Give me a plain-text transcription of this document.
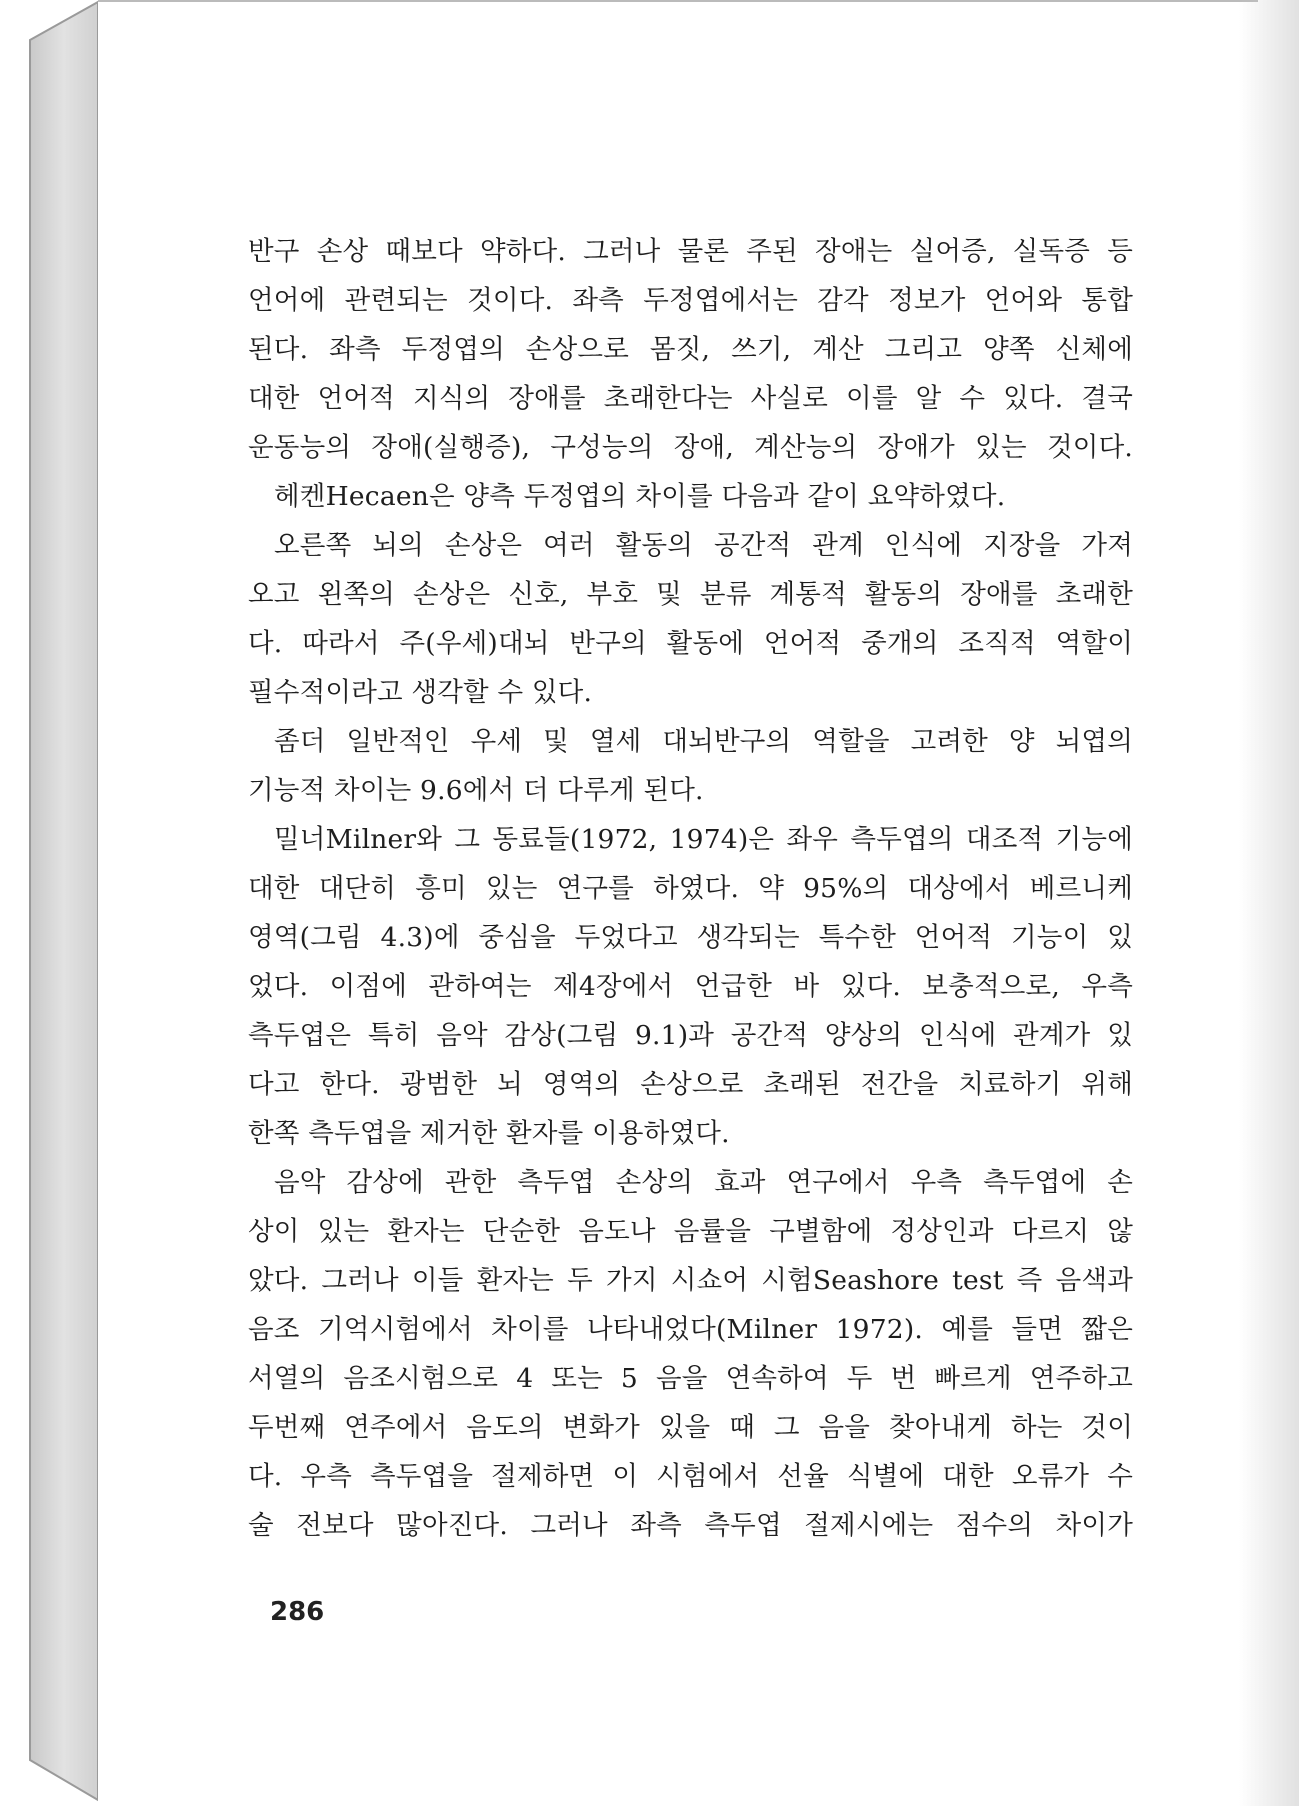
반구 손상 때보다 약하다. 그러나 물론 주된 장애는 실어증, 실독증 등
언어에 관련되는 것이다. 좌측 두정엽에서는 감각 정보가 언어와 통합
된다. 좌측 두정엽의 손상으로 몸짓, 쓰기, 계산 그리고 양쪽 신체에
대한 언어적 지식의 장애를 초래한다는 사실로 이를 알 수 있다. 결국
운동능의 장애(실행증), 구성능의 장애, 계산능의 장애가 있는 것이다.
헤켄Hecaen은 양측 두정엽의 차이를 다음과 같이 요약하였다.
오른쪽 뇌의 손상은 여러 활동의 공간적 관계 인식에 지장을 가져
오고 왼쪽의 손상은 신호, 부호 및 분류 계통적 활동의 장애를 초래한
다. 따라서 주(우세)대뇌 반구의 활동에 언어적 중개의 조직적 역할이
필수적이라고 생각할 수 있다.
좀더 일반적인 우세 및 열세 대뇌반구의 역할을 고려한 양 뇌엽의
기능적 차이는 9.6에서 더 다루게 된다.
밀너Milner와 그 동료들(1972, 1974)은 좌우 측두엽의 대조적 기능에
대한 대단히 흥미 있는 연구를 하였다. 약 95%의 대상에서 베르니케
영역(그림 4.3)에 중심을 두었다고 생각되는 특수한 언어적 기능이 있
었다. 이점에 관하여는 제4장에서 언급한 바 있다. 보충적으로, 우측
측두엽은 특히 음악 감상(그림 9.1)과 공간적 양상의 인식에 관계가 있
다고 한다. 광범한 뇌 영역의 손상으로 초래된 전간을 치료하기 위해
한쪽 측두엽을 제거한 환자를 이용하였다.
음악 감상에 관한 측두엽 손상의 효과 연구에서 우측 측두엽에 손
상이 있는 환자는 단순한 음도나 음률을 구별함에 정상인과 다르지 않
았다. 그러나 이들 환자는 두 가지 시쇼어 시험Seashore test 즉 음색과
음조 기억시험에서 차이를 나타내었다(Milner 1972). 예를 들면 짧은
서열의 음조시험으로 4 또는 5 음을 연속하여 두 번 빠르게 연주하고
두번째 연주에서 음도의 변화가 있을 때 그 음을 찾아내게 하는 것이
다. 우측 측두엽을 절제하면 이 시험에서 선율 식별에 대한 오류가 수
술 전보다 많아진다. 그러나 좌측 측두엽 절제시에는 점수의 차이가
286
